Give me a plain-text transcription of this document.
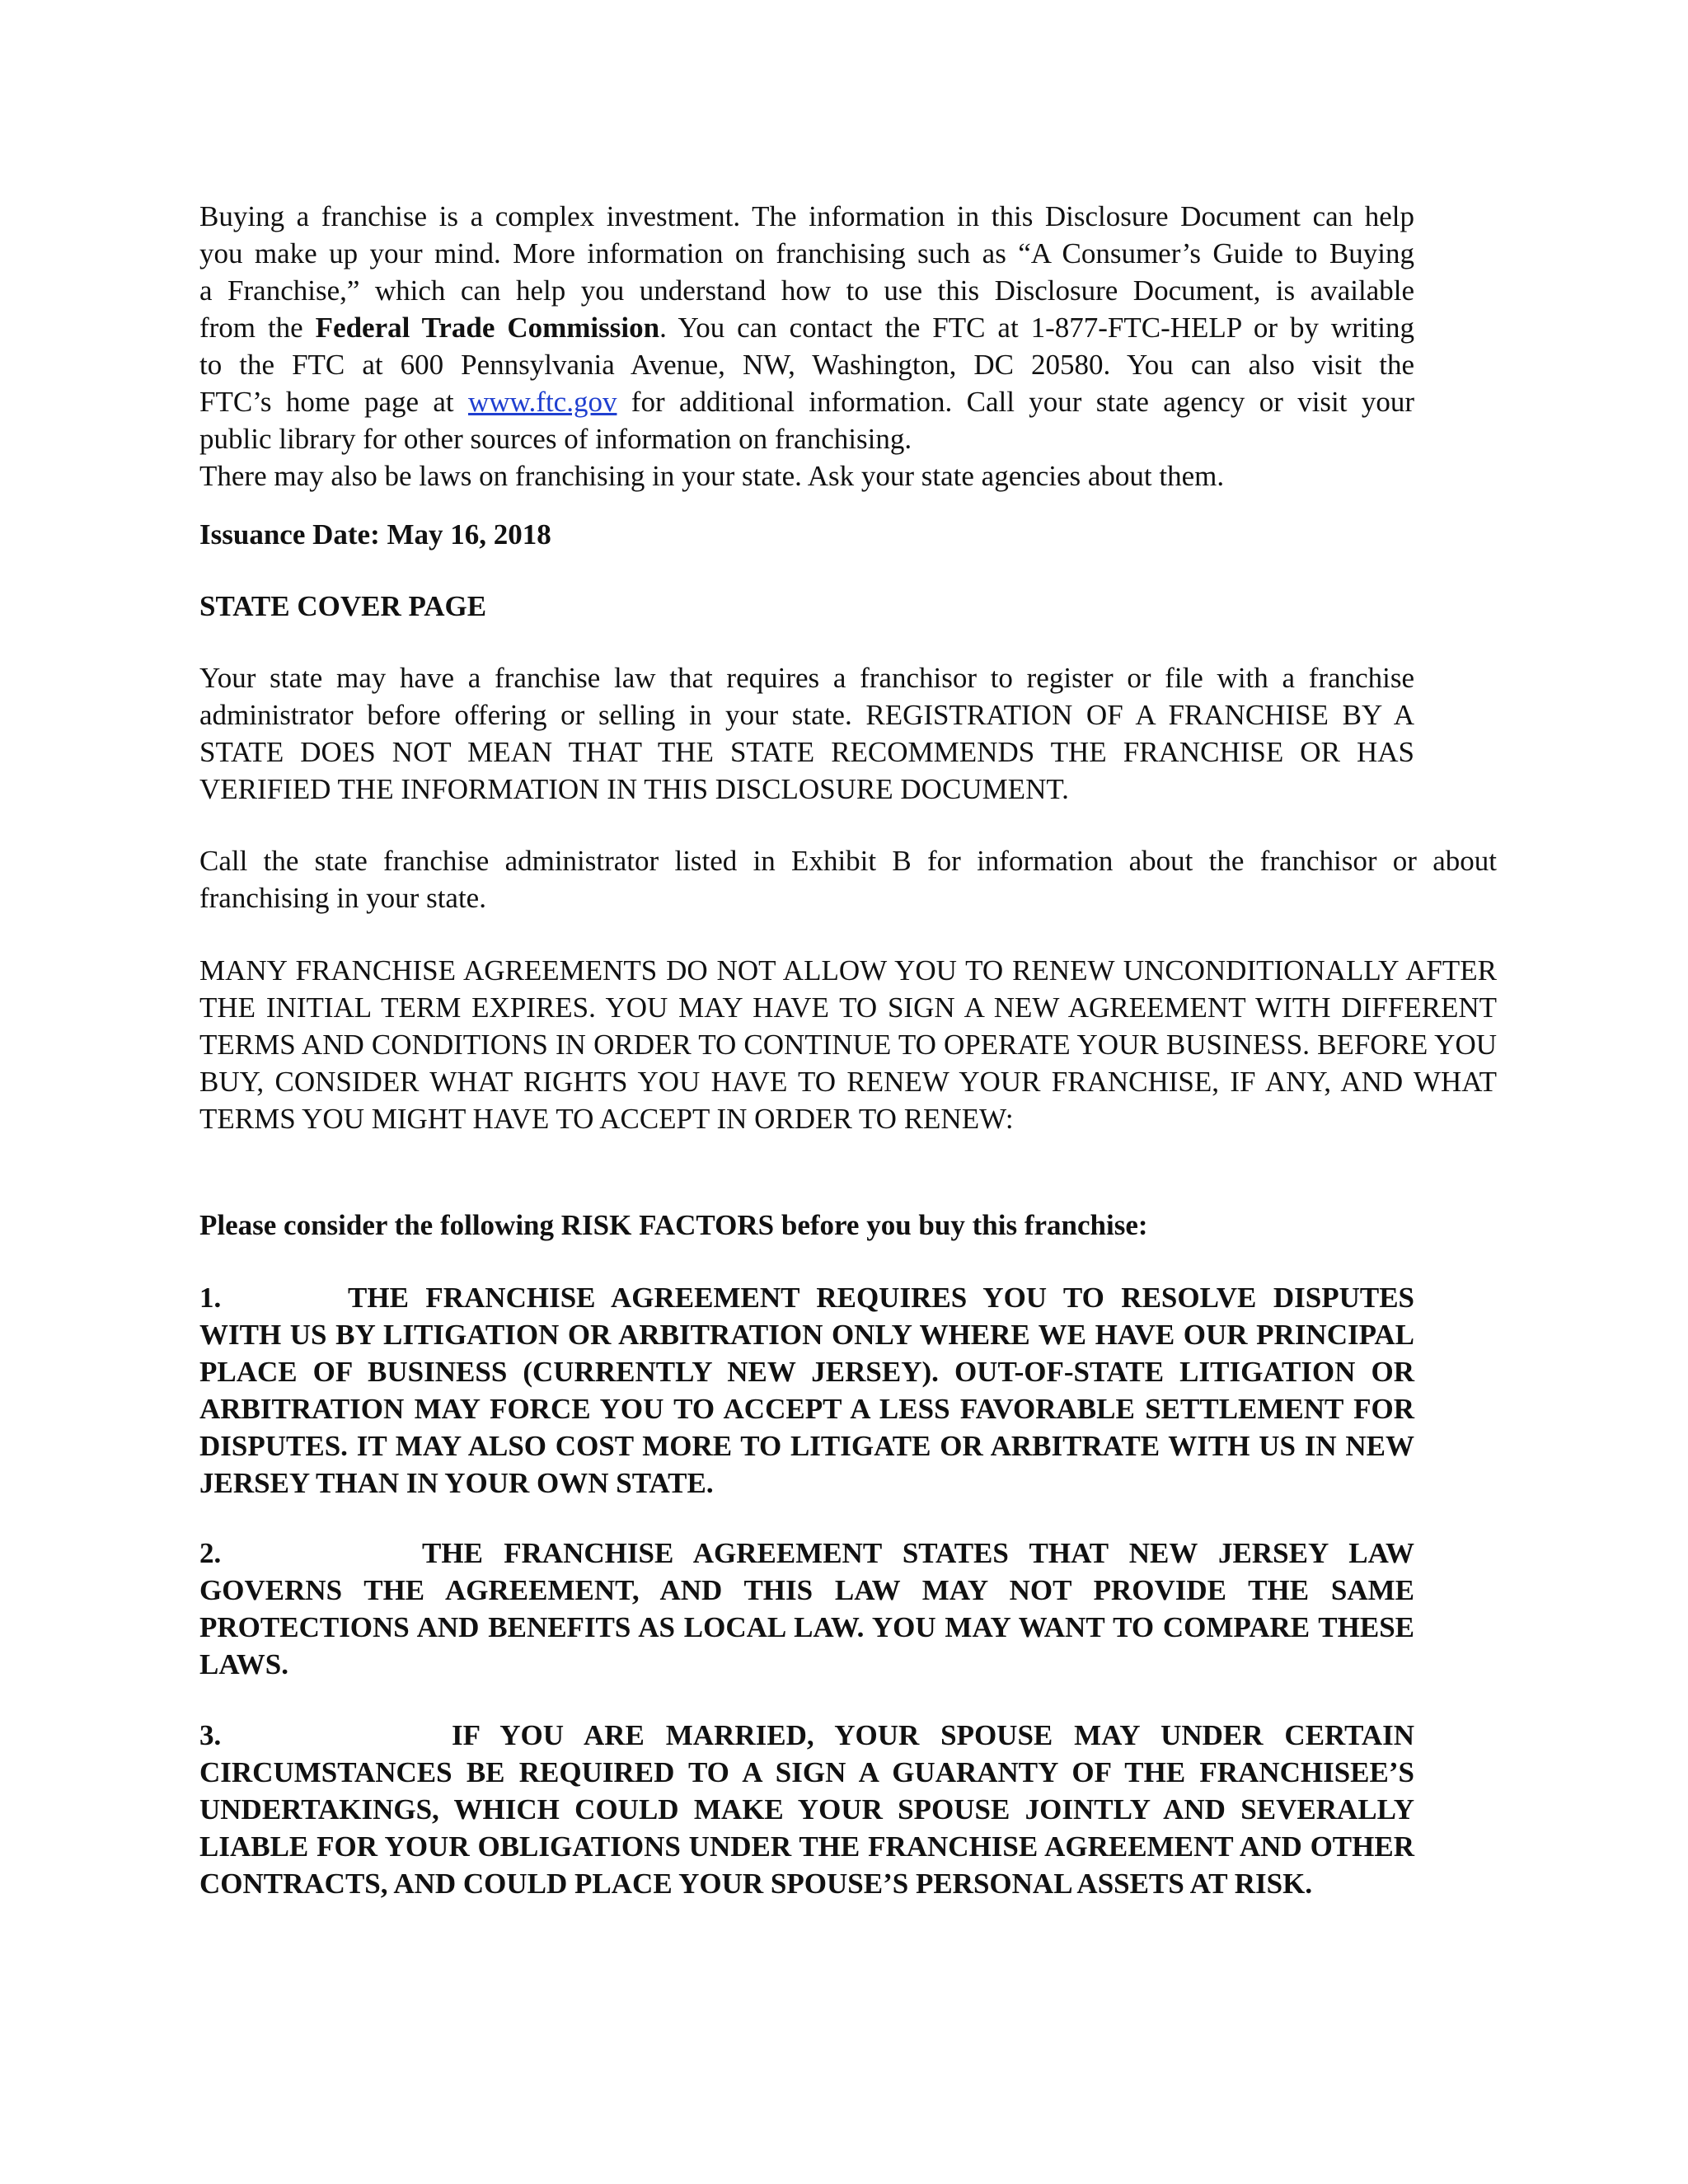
Buying a franchise is a complex investment. The information in this Disclosure Document can help
you make up your mind. More information on franchising such as “A Consumer’s Guide to Buying
a Franchise,” which can help you understand how to use this Disclosure Document, is available
from the Federal Trade Commission. You can contact the FTC at 1-877-FTC-HELP or by writing
to the FTC at 600 Pennsylvania Avenue, NW, Washington, DC 20580. You can also visit the
FTC’s home page at www.ftc.gov for additional information. Call your state agency or visit your
public library for other sources of information on franchising.
There may also be laws on franchising in your state. Ask your state agencies about them.

Issuance Date: May 16, 2018

STATE COVER PAGE

Your state may have a franchise law that requires a franchisor to register or file with a franchise administrator before offering or selling in your state. REGISTRATION OF A FRANCHISE BY A STATE DOES NOT MEAN THAT THE STATE RECOMMENDS THE FRANCHISE OR HAS VERIFIED THE INFORMATION IN THIS DISCLOSURE DOCUMENT.

Call the state franchise administrator listed in Exhibit B for information about the franchisor or about franchising in your state.

MANY FRANCHISE AGREEMENTS DO NOT ALLOW YOU TO RENEW UNCONDITIONALLY AFTER THE INITIAL TERM EXPIRES. YOU MAY HAVE TO SIGN A NEW AGREEMENT WITH DIFFERENT TERMS AND CONDITIONS IN ORDER TO CONTINUE TO OPERATE YOUR BUSINESS. BEFORE YOU BUY, CONSIDER WHAT RIGHTS YOU HAVE TO RENEW YOUR FRANCHISE, IF ANY, AND WHAT TERMS YOU MIGHT HAVE TO ACCEPT IN ORDER TO RENEW:

Please consider the following RISK FACTORS before you buy this franchise:

1.	THE FRANCHISE AGREEMENT REQUIRES YOU TO RESOLVE DISPUTES WITH US BY LITIGATION OR ARBITRATION ONLY WHERE WE HAVE OUR PRINCIPAL PLACE OF BUSINESS (CURRENTLY NEW JERSEY). OUT-OF-STATE LITIGATION OR ARBITRATION MAY FORCE YOU TO ACCEPT A LESS FAVORABLE SETTLEMENT FOR DISPUTES. IT MAY ALSO COST MORE TO LITIGATE OR ARBITRATE WITH US IN NEW JERSEY THAN IN YOUR OWN STATE.

2.	THE FRANCHISE AGREEMENT STATES THAT NEW JERSEY LAW GOVERNS THE AGREEMENT, AND THIS LAW MAY NOT PROVIDE THE SAME PROTECTIONS AND BENEFITS AS LOCAL LAW. YOU MAY WANT TO COMPARE THESE LAWS.

3.	IF YOU ARE MARRIED, YOUR SPOUSE MAY UNDER CERTAIN CIRCUMSTANCES BE REQUIRED TO A SIGN A GUARANTY OF THE FRANCHISEE’S UNDERTAKINGS, WHICH COULD MAKE YOUR SPOUSE JOINTLY AND SEVERALLY LIABLE FOR YOUR OBLIGATIONS UNDER THE FRANCHISE AGREEMENT AND OTHER CONTRACTS, AND COULD PLACE YOUR SPOUSE’S PERSONAL ASSETS AT RISK.
